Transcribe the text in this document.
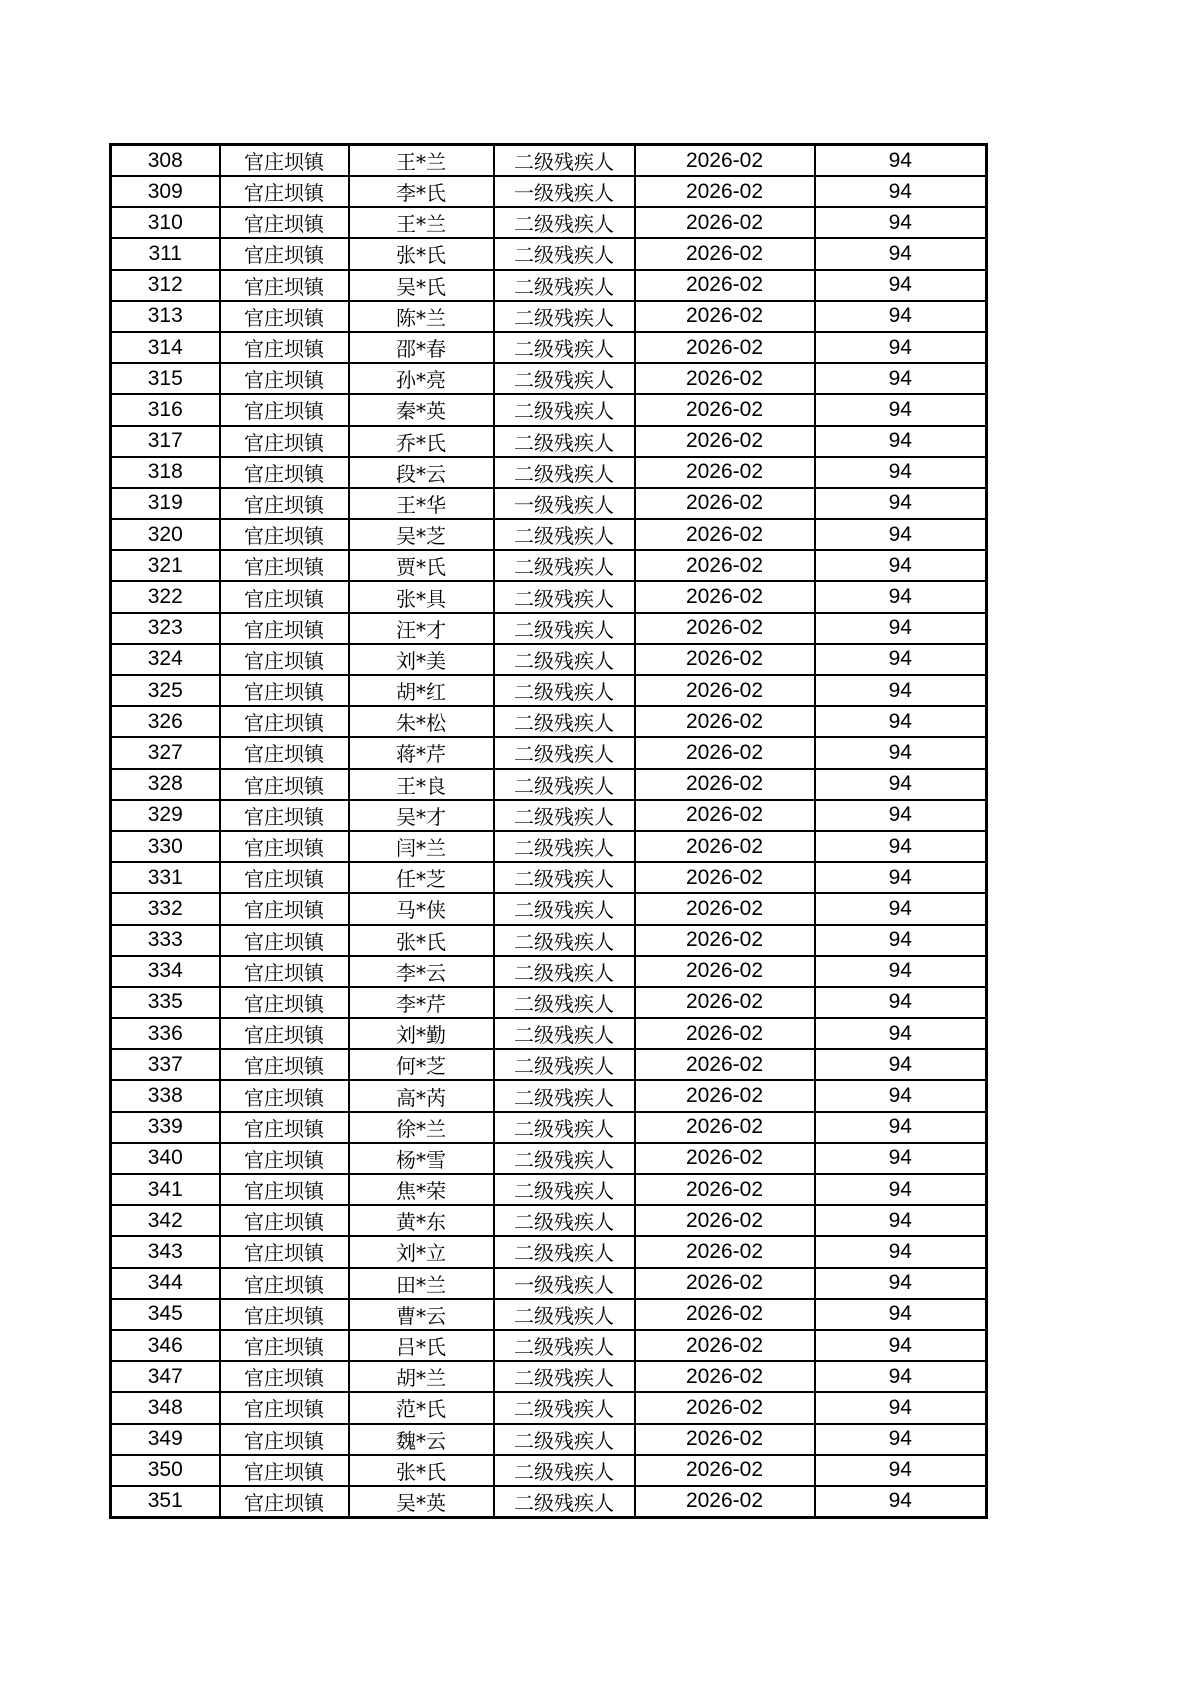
308	官庄坝镇	王*兰	二级残疾人	2026-02	94
309	官庄坝镇	李*氏	一级残疾人	2026-02	94
310	官庄坝镇	王*兰	二级残疾人	2026-02	94
311	官庄坝镇	张*氏	二级残疾人	2026-02	94
312	官庄坝镇	吴*氏	二级残疾人	2026-02	94
313	官庄坝镇	陈*兰	二级残疾人	2026-02	94
314	官庄坝镇	邵*春	二级残疾人	2026-02	94
315	官庄坝镇	孙*亮	二级残疾人	2026-02	94
316	官庄坝镇	秦*英	二级残疾人	2026-02	94
317	官庄坝镇	乔*氏	二级残疾人	2026-02	94
318	官庄坝镇	段*云	二级残疾人	2026-02	94
319	官庄坝镇	王*华	一级残疾人	2026-02	94
320	官庄坝镇	吴*芝	二级残疾人	2026-02	94
321	官庄坝镇	贾*氏	二级残疾人	2026-02	94
322	官庄坝镇	张*具	二级残疾人	2026-02	94
323	官庄坝镇	汪*才	二级残疾人	2026-02	94
324	官庄坝镇	刘*美	二级残疾人	2026-02	94
325	官庄坝镇	胡*红	二级残疾人	2026-02	94
326	官庄坝镇	朱*松	二级残疾人	2026-02	94
327	官庄坝镇	蒋*芹	二级残疾人	2026-02	94
328	官庄坝镇	王*良	二级残疾人	2026-02	94
329	官庄坝镇	吴*才	二级残疾人	2026-02	94
330	官庄坝镇	闫*兰	二级残疾人	2026-02	94
331	官庄坝镇	任*芝	二级残疾人	2026-02	94
332	官庄坝镇	马*侠	二级残疾人	2026-02	94
333	官庄坝镇	张*氏	二级残疾人	2026-02	94
334	官庄坝镇	李*云	二级残疾人	2026-02	94
335	官庄坝镇	李*芹	二级残疾人	2026-02	94
336	官庄坝镇	刘*勤	二级残疾人	2026-02	94
337	官庄坝镇	何*芝	二级残疾人	2026-02	94
338	官庄坝镇	高*芮	二级残疾人	2026-02	94
339	官庄坝镇	徐*兰	二级残疾人	2026-02	94
340	官庄坝镇	杨*雪	二级残疾人	2026-02	94
341	官庄坝镇	焦*荣	二级残疾人	2026-02	94
342	官庄坝镇	黄*东	二级残疾人	2026-02	94
343	官庄坝镇	刘*立	二级残疾人	2026-02	94
344	官庄坝镇	田*兰	一级残疾人	2026-02	94
345	官庄坝镇	曹*云	二级残疾人	2026-02	94
346	官庄坝镇	吕*氏	二级残疾人	2026-02	94
347	官庄坝镇	胡*兰	二级残疾人	2026-02	94
348	官庄坝镇	范*氏	二级残疾人	2026-02	94
349	官庄坝镇	魏*云	二级残疾人	2026-02	94
350	官庄坝镇	张*氏	二级残疾人	2026-02	94
351	官庄坝镇	吴*英	二级残疾人	2026-02	94
